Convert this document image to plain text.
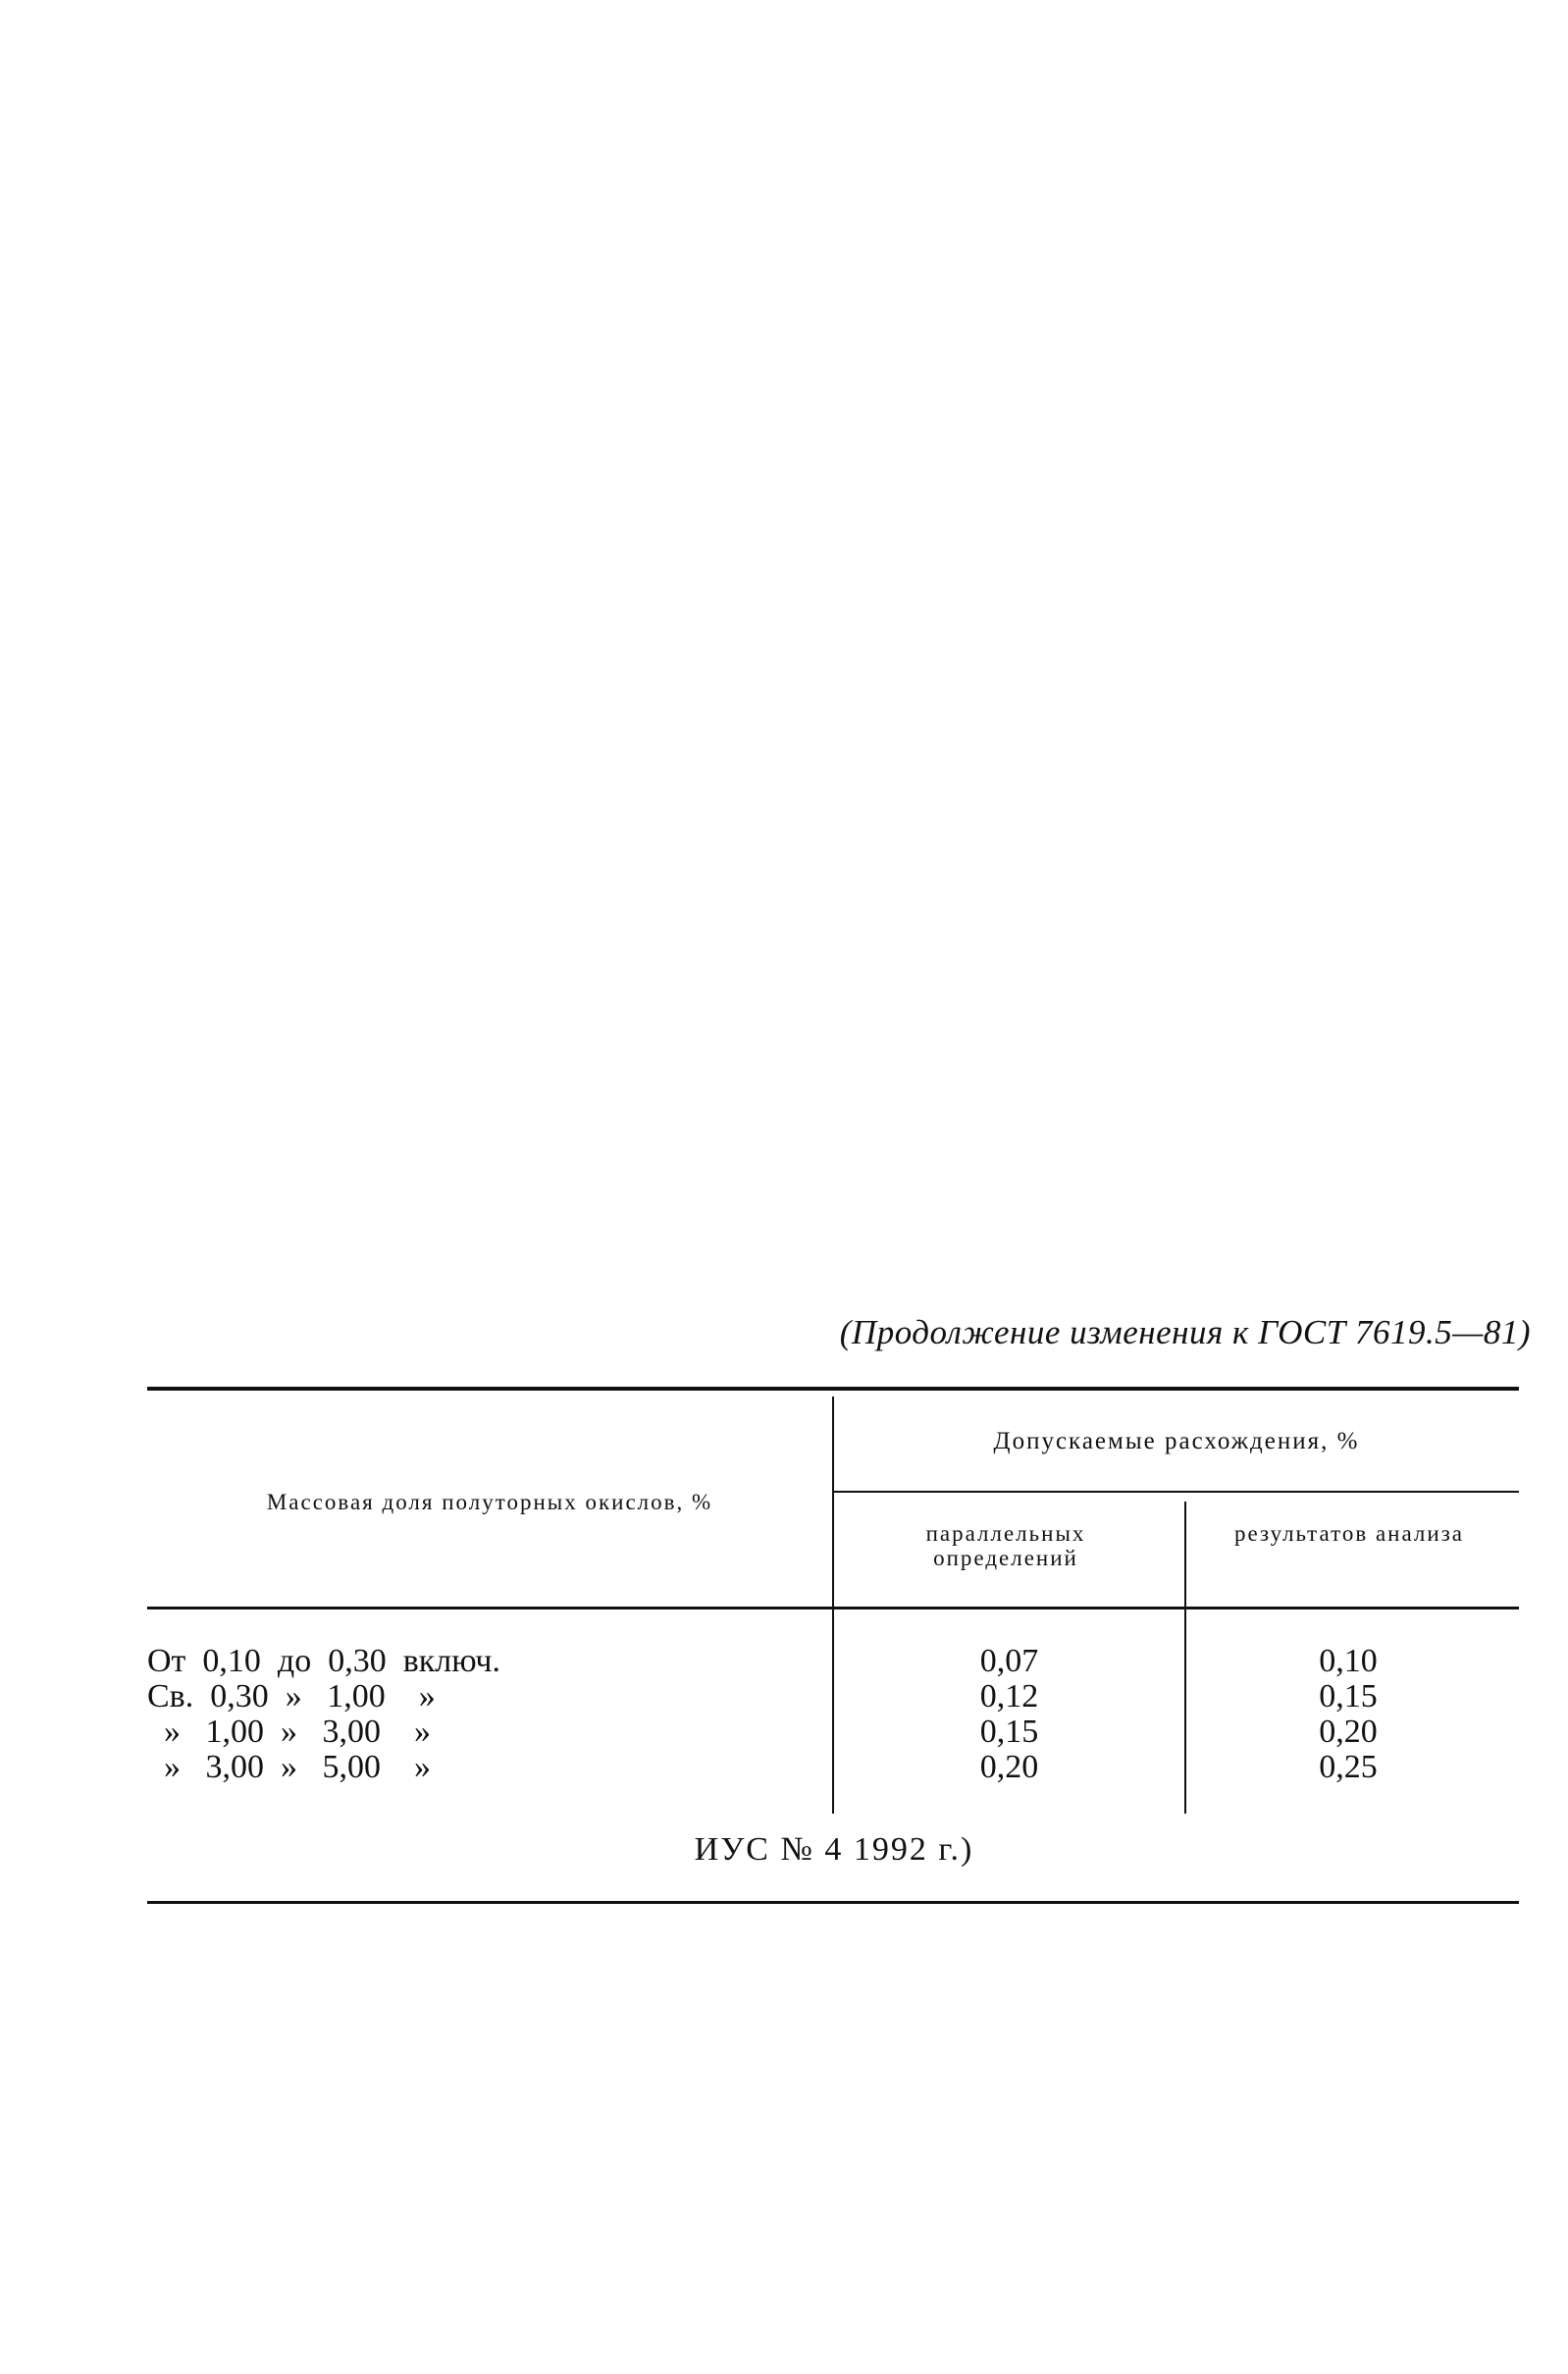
(Продолжение изменения к ГОСТ 7619.5—81)
Массовая доля полуторных окислов, %
Допускаемые расхождения, %
параллельных определений
результатов анализа
От  0,10  до  0,30  включ.
Св.  0,30  »   1,00    »
»   1,00  »   3,00    »
»   3,00  »   5,00    »
0,07
0,12
0,15
0,20
0,10
0,15
0,20
0,25
ИУС № 4 1992 г.)
